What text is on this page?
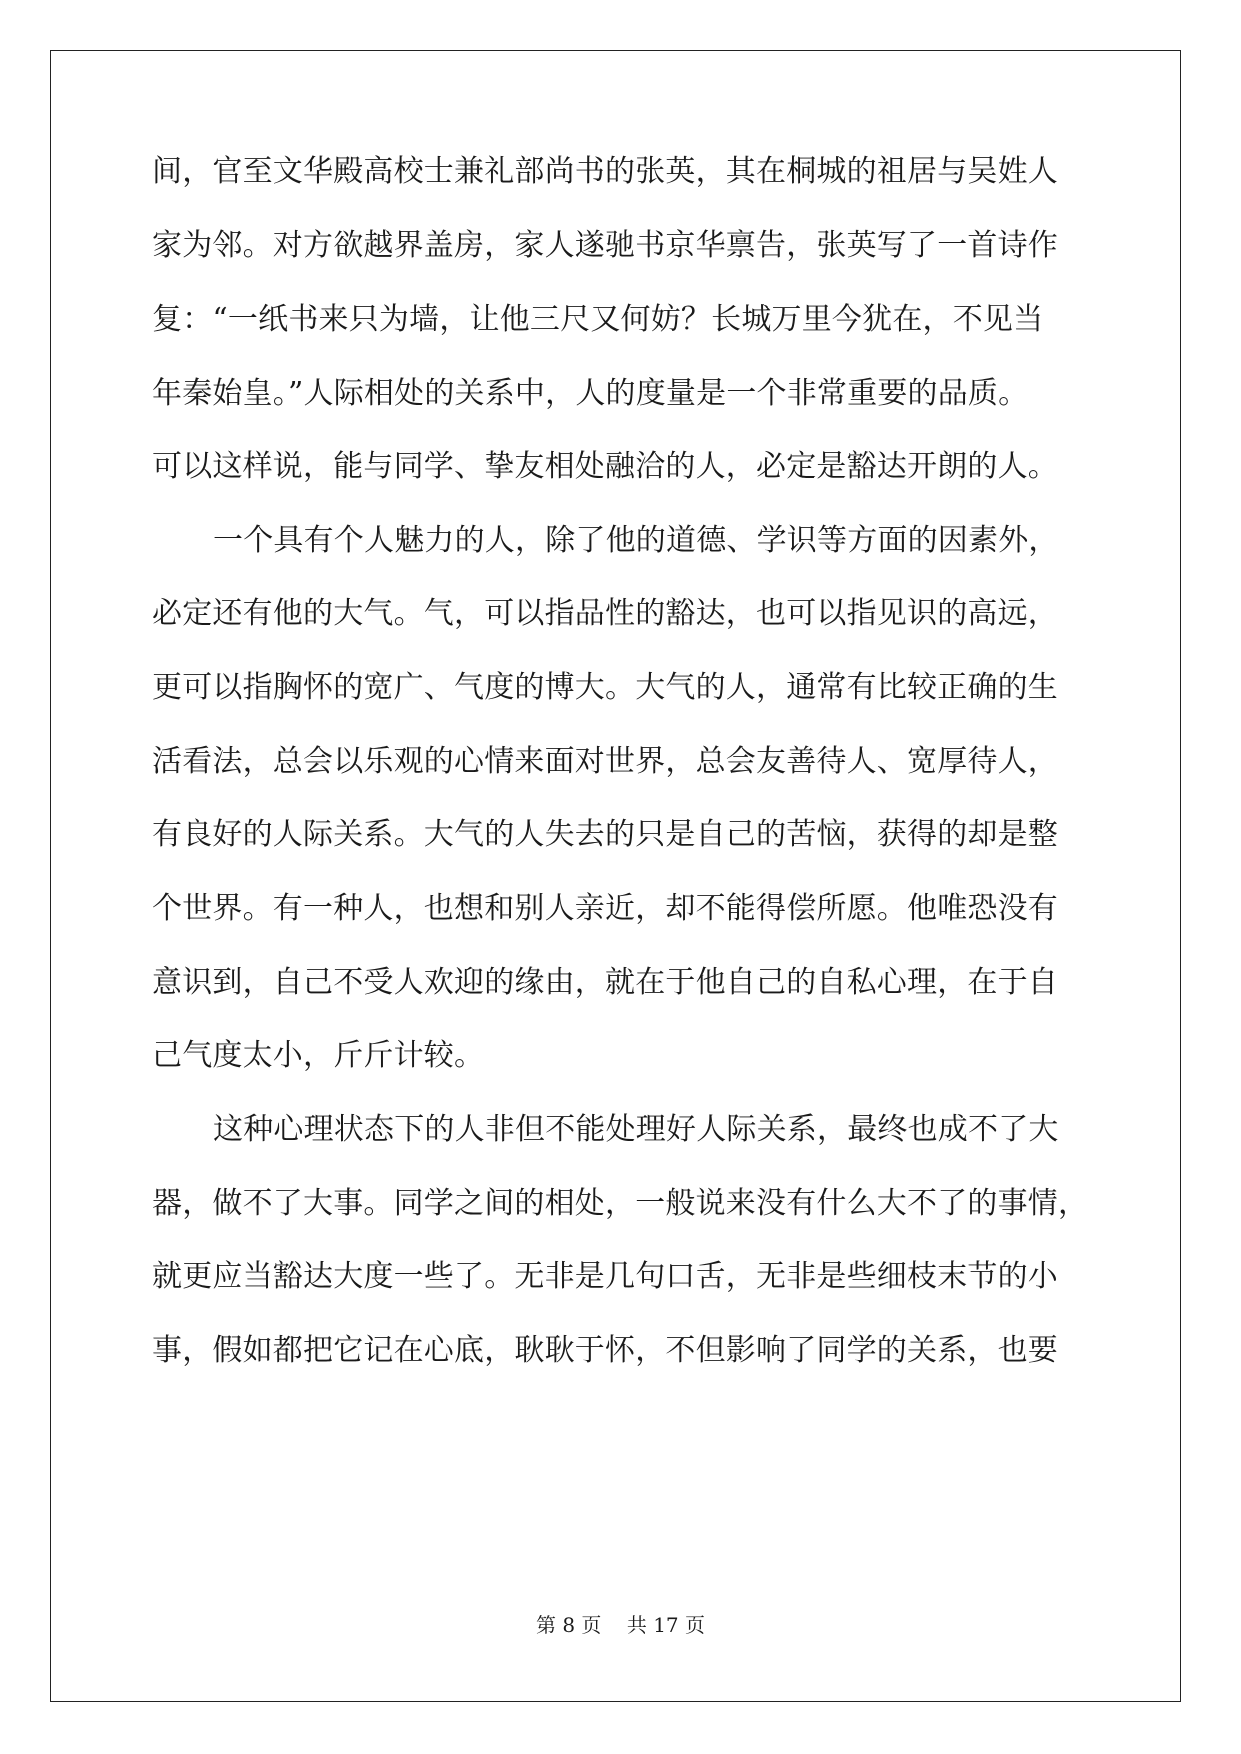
间，官至文华殿高校士兼礼部尚书的张英，其在桐城的祖居与吴姓人
家为邻。对方欲越界盖房，家人遂驰书京华禀告，张英写了一首诗作
复：“一纸书来只为墙，让他三尺又何妨？长城万里今犹在，不见当
年秦始皇。”人际相处的关系中，人的度量是一个非常重要的品质。
可以这样说，能与同学、挚友相处融洽的人，必定是豁达开朗的人。
一个具有个人魅力的人，除了他的道德、学识等方面的因素外，
必定还有他的大气。气，可以指品性的豁达，也可以指见识的高远，
更可以指胸怀的宽广、气度的博大。大气的人，通常有比较正确的生
活看法，总会以乐观的心情来面对世界，总会友善待人、宽厚待人，
有良好的人际关系。大气的人失去的只是自己的苦恼，获得的却是整
个世界。有一种人，也想和别人亲近，却不能得偿所愿。他唯恐没有
意识到，自己不受人欢迎的缘由，就在于他自己的自私心理，在于自
己气度太小，斤斤计较。
这种心理状态下的人非但不能处理好人际关系，最终也成不了大
器，做不了大事。同学之间的相处，一般说来没有什么大不了的事情，
就更应当豁达大度一些了。无非是几句口舌，无非是些细枝末节的小
事，假如都把它记在心底，耿耿于怀，不但影响了同学的关系，也要
第 8 页    共 17 页
